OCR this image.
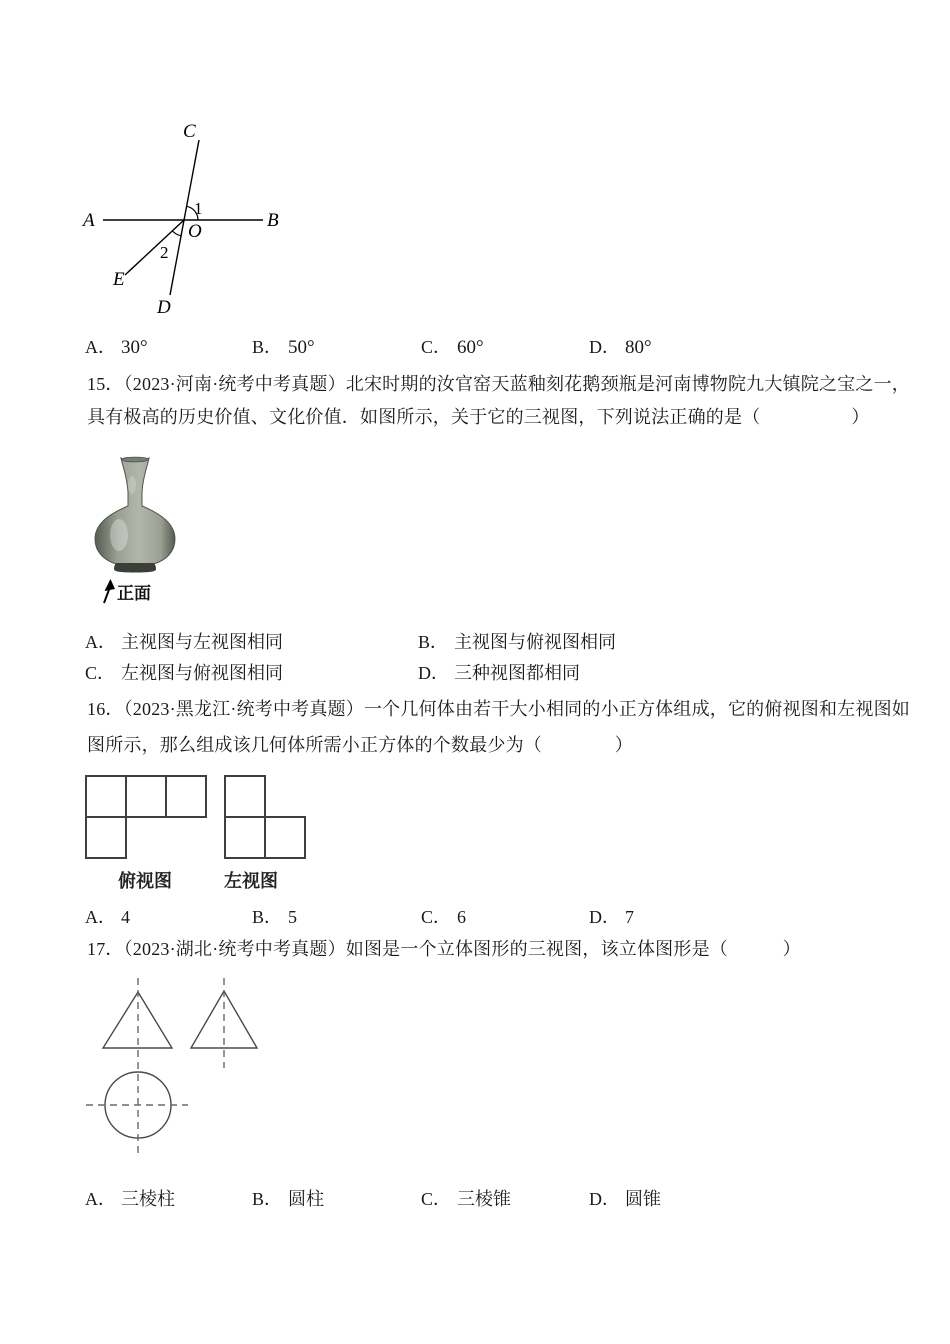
A	B
C
D
E
O
1
2
A． 30°	B． 50°	C． 60°	D． 80°
15．（2023·河南·统考中考真题）北宋时期的汝官窑天蓝釉刻花鹅颈瓶是河南博物院九大镇院之宝之一，
具有极高的历史价值、文化价值．如图所示，关于它的三视图，下列说法正确的是（　　　　　）
正面
A． 主视图与左视图相同	B． 主视图与俯视图相同
C． 左视图与俯视图相同	D． 三种视图都相同
16．（2023·黑龙江·统考中考真题）一个几何体由若干大小相同的小正方体组成，它的俯视图和左视图如
图所示，那么组成该几何体所需小正方体的个数最少为（　　　　）
俯视图	左视图
A． 4	B． 5	C． 6	D． 7
17．（2023·湖北·统考中考真题）如图是一个立体图形的三视图，该立体图形是（　　　）
A． 三棱柱	B． 圆柱	C． 三棱锥	D． 圆锥
